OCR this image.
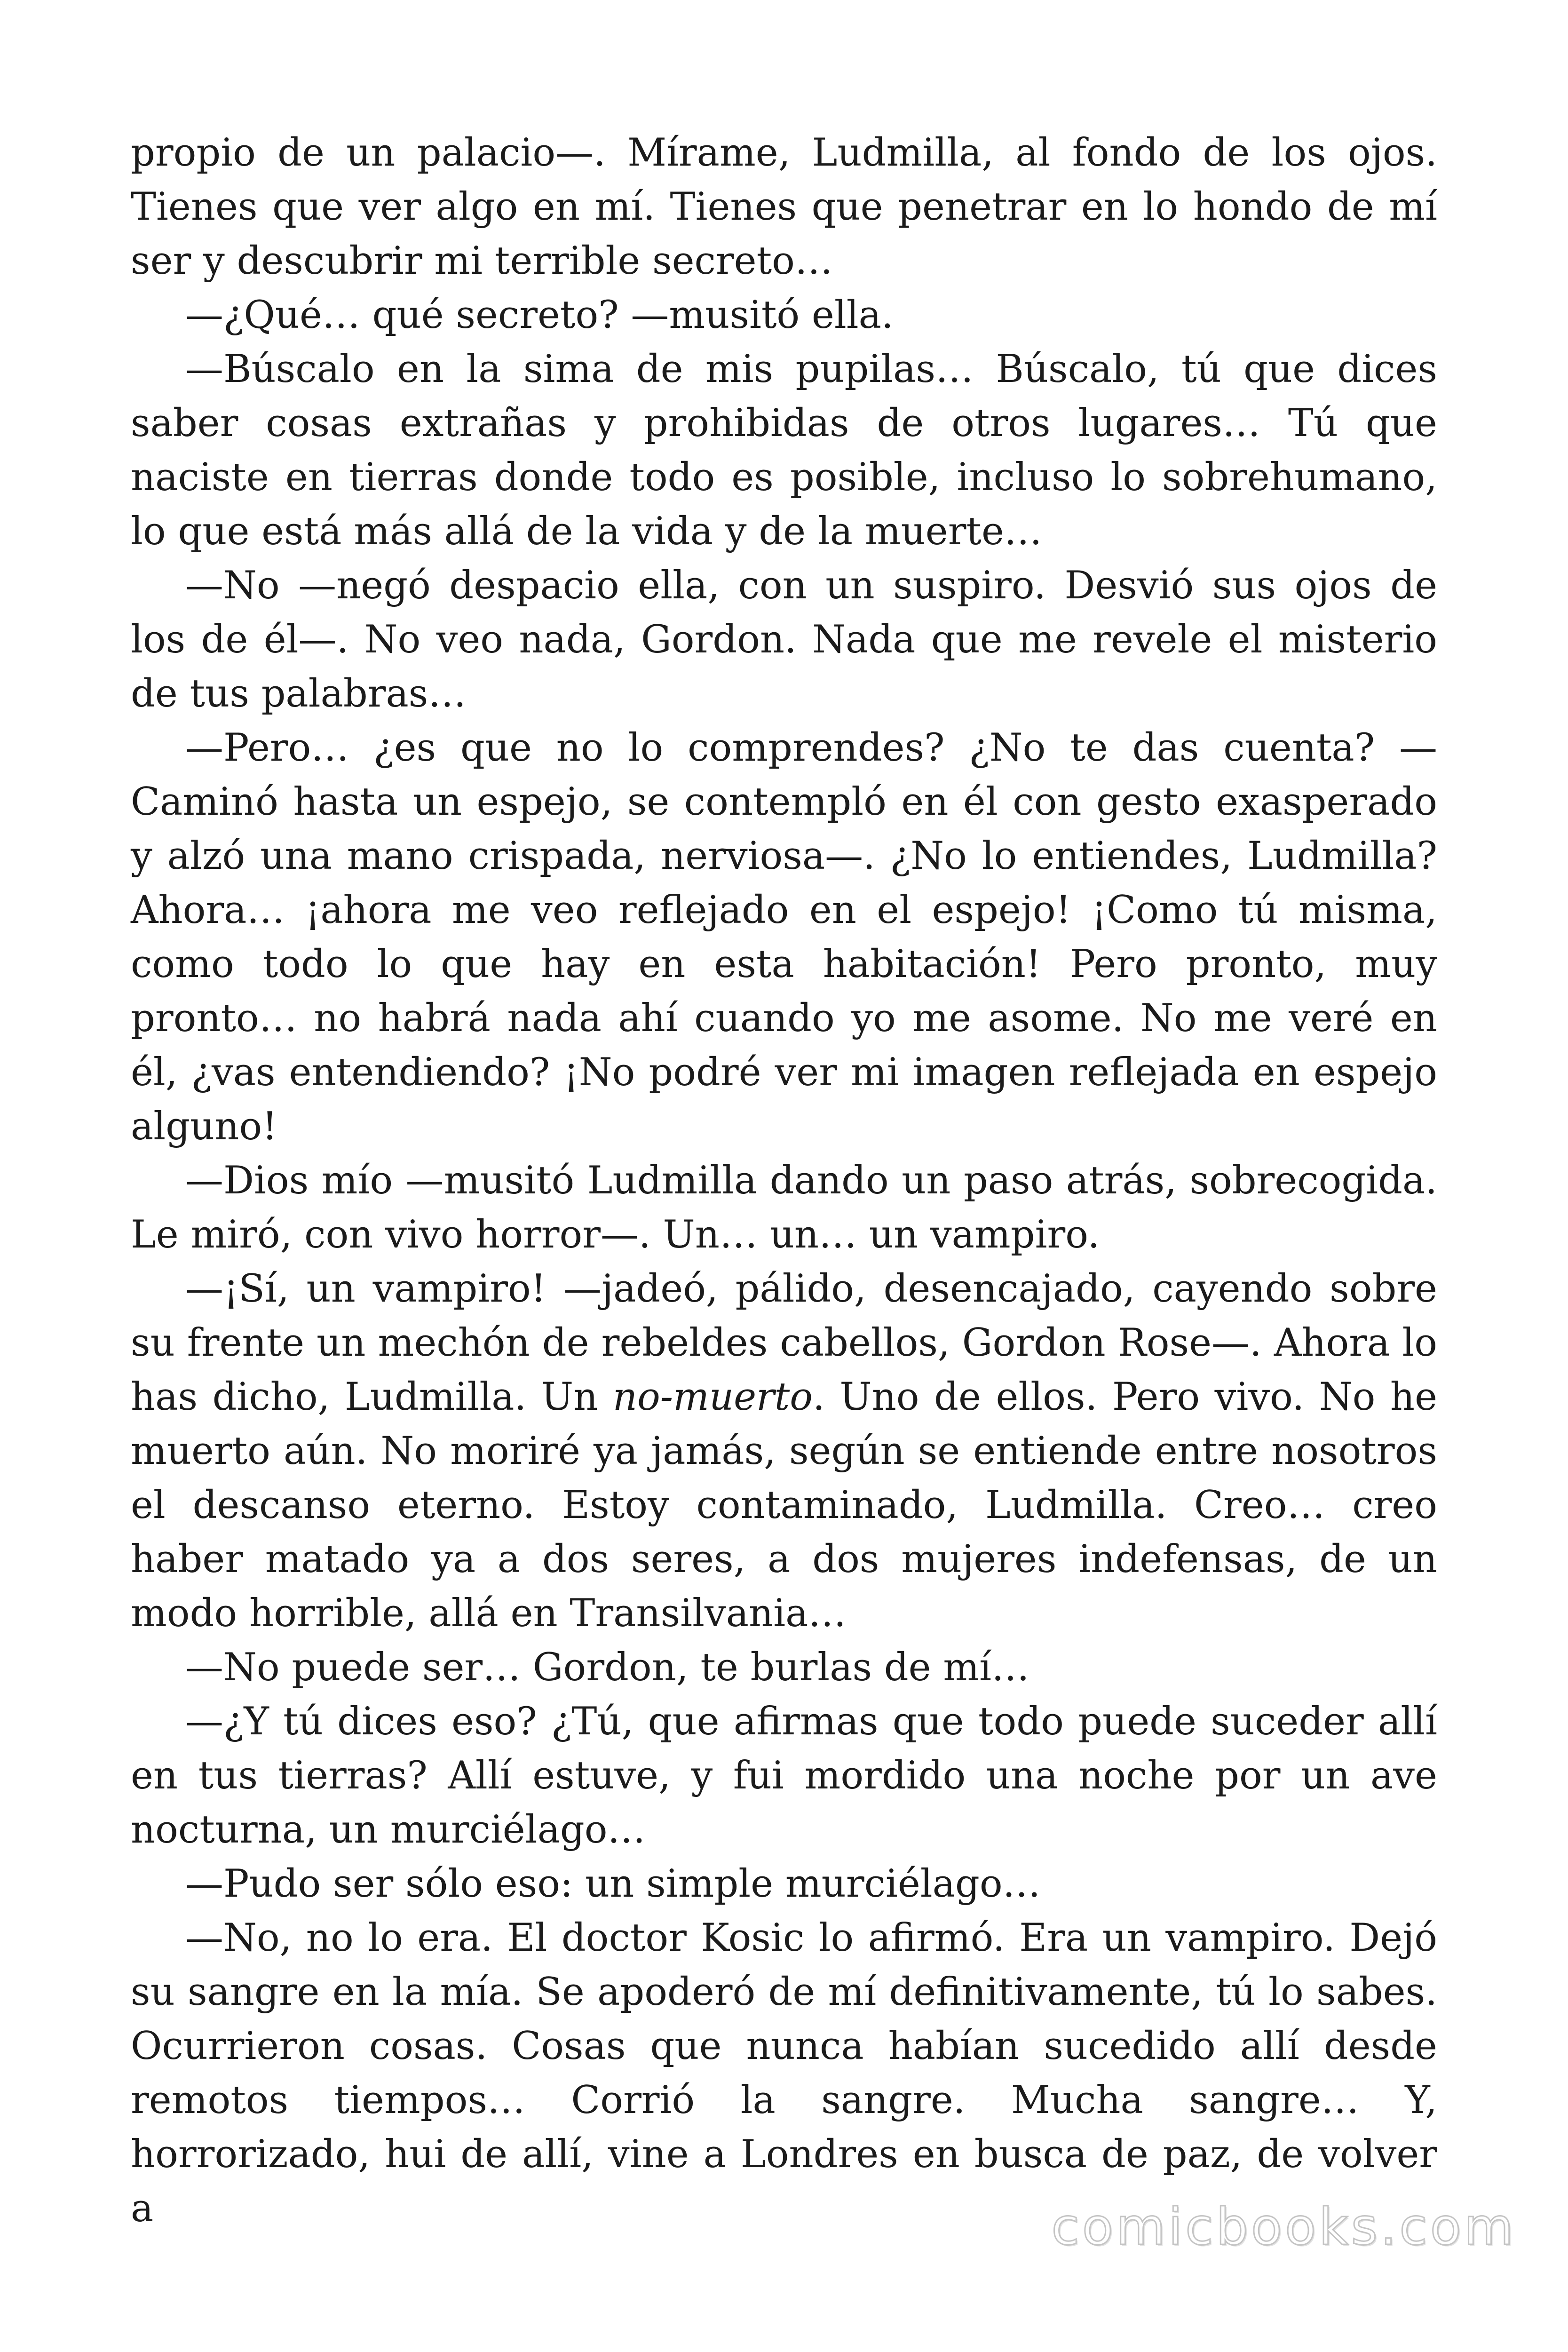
propio de un palacio—. Mírame, Ludmilla, al fondo de los ojos. Tienes que ver algo en mí. Tienes que penetrar en lo hondo de mí ser y descubrir mi terrible secreto…

—¿Qué… qué secreto? —musitó ella.

—Búscalo en la sima de mis pupilas… Búscalo, tú que dices saber cosas extrañas y prohibidas de otros lugares… Tú que naciste en tierras donde todo es posible, incluso lo sobrehumano, lo que está más allá de la vida y de la muerte…

—No —negó despacio ella, con un suspiro. Desvió sus ojos de los de él—. No veo nada, Gordon. Nada que me revele el misterio de tus palabras…

—Pero… ¿es que no lo comprendes? ¿No te das cuenta? —Caminó hasta un espejo, se contempló en él con gesto exasperado y alzó una mano crispada, nerviosa—. ¿No lo entiendes, Ludmilla? Ahora… ¡ahora me veo reflejado en el espejo! ¡Como tú misma, como todo lo que hay en esta habitación! Pero pronto, muy pronto… no habrá nada ahí cuando yo me asome. No me veré en él, ¿vas entendiendo? ¡No podré ver mi imagen reflejada en espejo alguno!

—Dios mío —musitó Ludmilla dando un paso atrás, sobrecogida. Le miró, con vivo horror—. Un… un… un vampiro.

—¡Sí, un vampiro! —jadeó, pálido, desencajado, cayendo sobre su frente un mechón de rebeldes cabellos, Gordon Rose—. Ahora lo has dicho, Ludmilla. Un no-muerto. Uno de ellos. Pero vivo. No he muerto aún. No moriré ya jamás, según se entiende entre nosotros el descanso eterno. Estoy contaminado, Ludmilla. Creo… creo haber matado ya a dos seres, a dos mujeres indefensas, de un modo horrible, allá en Transilvania…

—No puede ser… Gordon, te burlas de mí…

—¿Y tú dices eso? ¿Tú, que afirmas que todo puede suceder allí en tus tierras? Allí estuve, y fui mordido una noche por un ave nocturna, un murciélago…

—Pudo ser sólo eso: un simple murciélago…

—No, no lo era. El doctor Kosic lo afirmó. Era un vampiro. Dejó su sangre en la mía. Se apoderó de mí definitivamente, tú lo sabes. Ocurrieron cosas. Cosas que nunca habían sucedido allí desde remotos tiempos… Corrió la sangre. Mucha sangre… Y, horrorizado, hui de allí, vine a Londres en busca de paz, de volver a	comicbooks.com
